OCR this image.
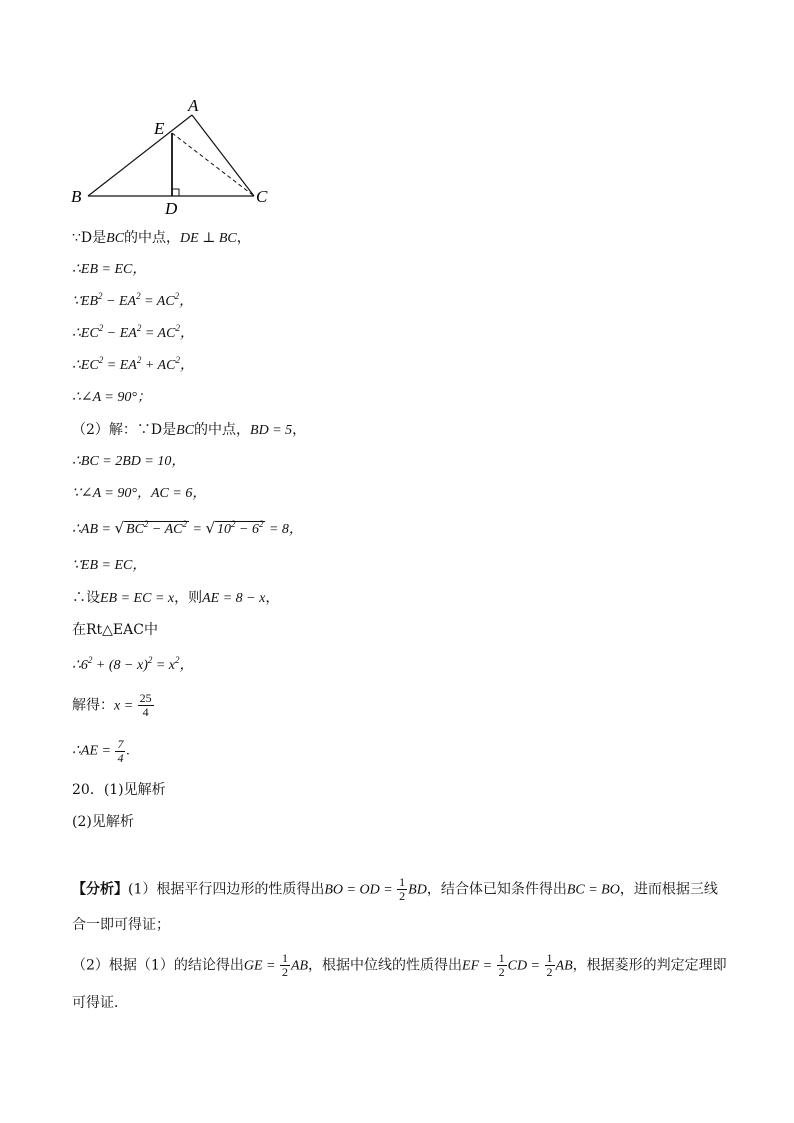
A
E
B
D
C
∵D是BC的中点，DE ⊥ BC，
∴EB = EC，
$\because EB^2 - EA^2 = AC^2$，
$\therefore EC^2 - EA^2 = AC^2$，
$\therefore EC^2 = EA^2 + AC^2$，
∴∠A = 90°；
（2）解：∵D是BC的中点，BD = 5，
∴BC = 2BD = 10，
∵∠A = 90°，AC = 6，
∴AB = √ $BC^2 - AC^2$ = √ $10^2 - 6^2 = 8$，
∵EB = EC，
∴设EB = EC = x，则AE = 8 − x，
在Rt△EAC中
$\therefore 6^2 + (8 - x)^2 = x^2$，
解得：$x = \frac{25}{4}$
∴AE = $\frac{7}{4}$ .
20．(1)见解析
(2)见解析
【分析】(1）根据平行四边形的性质得出BO = OD = $\frac{1}{2}$ BD，结合体已知条件得出BC = BO，进而根据三线
合一即可得证；
（2）根据（1）的结论得出GE = $\frac{1}{2}$ AB，根据中位线的性质得出EF = $\frac{1}{2}$ CD = $\frac{1}{2}$ AB，根据菱形的判定定理即
可得证．
